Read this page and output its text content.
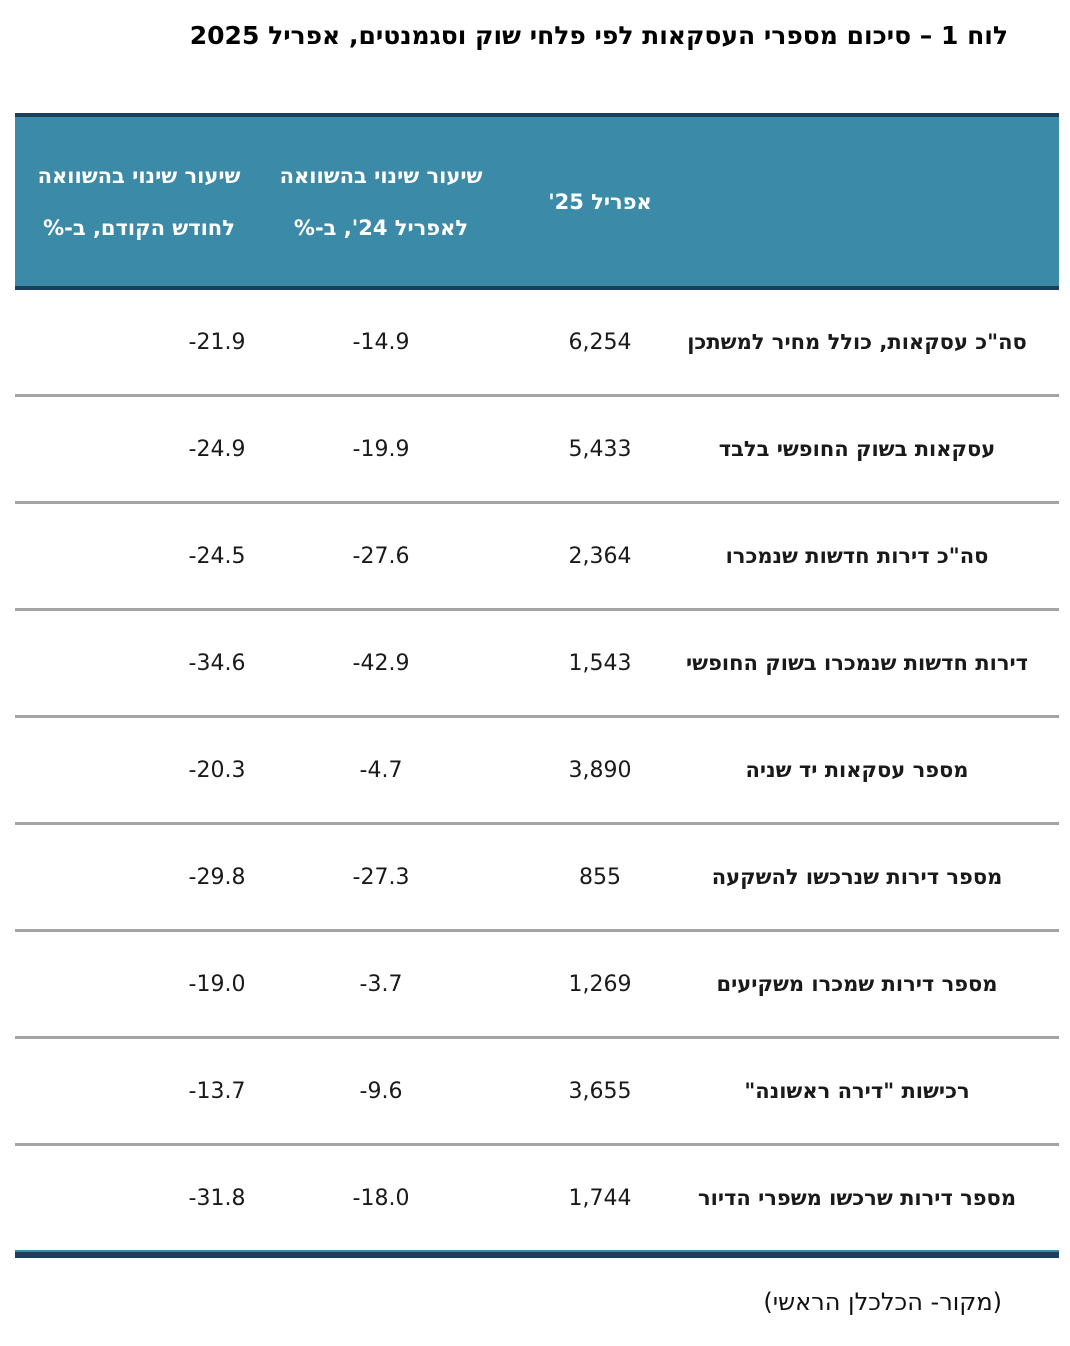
לוח 1 – סיכום מספרי העסקאות לפי פלחי שוק וסגמנטים, אפריל 2025
אפריל 25'
שיעור שינוי בהשוואה
לאפריל 24', ב-%
שיעור שינוי בהשוואה
לחודש הקודם, ב-%
סה"כ עסקאות, כולל מחיר למשתכן
6,254
-14.9
-21.9
עסקאות בשוק החופשי בלבד
5,433
-19.9
-24.9
סה"כ דירות חדשות שנמכרו
2,364
-27.6
-24.5
דירות חדשות שנמכרו בשוק החופשי
1,543
-42.9
-34.6
מספר עסקאות יד שניה
3,890
-4.7
-20.3
מספר דירות שנרכשו להשקעה
855
-27.3
-29.8
מספר דירות שמכרו משקיעים
1,269
-3.7
-19.0
רכישות "דירה ראשונה"
3,655
-9.6
-13.7
מספר דירות שרכשו משפרי הדיור
1,744
-18.0
-31.8
(מקור- הכלכלן הראשי)
